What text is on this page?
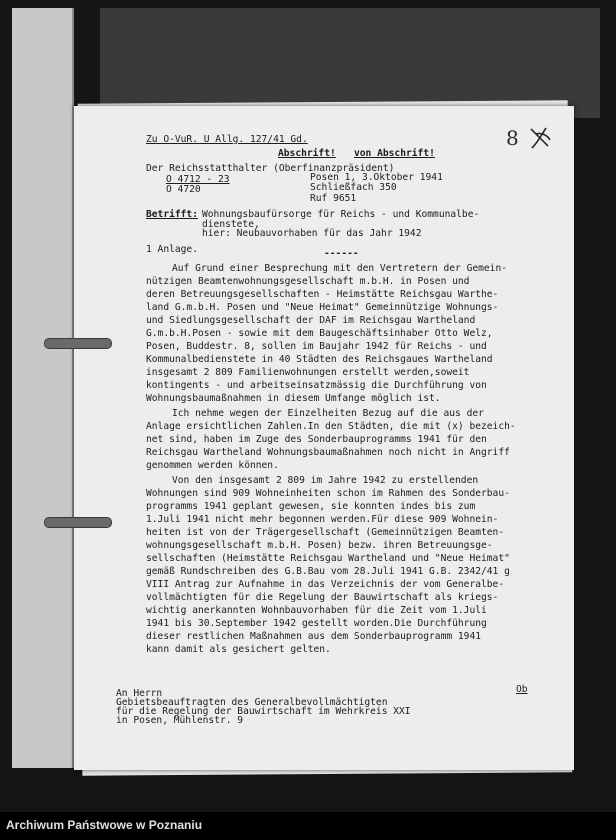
Zu O-VuR. U Allg. 127/41 Gd.
Abschrift! von Abschrift!
8
Der Reichsstatthalter (Oberfinanzpräsident)
O 4712 - 23
O 4720
Posen 1, 3.Oktober 1941
Schließfach 350
Ruf 9651
Betrifft: Wohnungsbaufürsorge für Reichs - und Kommunalbe-
dienstete,
hier: Neubauvorhaben für das Jahr 1942
1 Anlage.	------
Auf Grund einer Besprechung mit den Vertretern der Gemein-
nützigen Beamtenwohnungsgesellschaft m.b.H. in Posen und
deren Betreuungsgesellschaften - Heimstätte Reichsgau Warthe-
land G.m.b.H. Posen und "Neue Heimat" Gemeinnützige Wohnungs-
und Siedlungsgesellschaft der DAF im Reichsgau Wartheland
G.m.b.H.Posen - sowie mit dem Baugeschäftsinhaber Otto Welz,
Posen, Buddestr. 8, sollen im Baujahr 1942 für Reichs - und
Kommunalbedienstete in 40 Städten des Reichsgaues Wartheland
insgesamt 2 809 Familienwohnungen erstellt werden,soweit
kontingents - und arbeitseinsatzmässig die Durchführung von
Wohnungsbaumaßnahmen in diesem Umfange möglich ist.
Ich nehme wegen der Einzelheiten Bezug auf die aus der
Anlage ersichtlichen Zahlen.In den Städten, die mit (x) bezeich-
net sind, haben im Zuge des Sonderbauprogramms 1941 für den
Reichsgau Wartheland Wohnungsbaumaßnahmen noch nicht in Angriff
genommen werden können.
Von den insgesamt 2 809 im Jahre 1942 zu erstellenden
Wohnungen sind 909 Wohneinheiten schon im Rahmen des Sonderbau-
programms 1941 geplant gewesen, sie konnten indes bis zum
1.Juli 1941 nicht mehr begonnen werden.Für diese 909 Wohnein-
heiten ist von der Trägergesellschaft (Gemeinnützigen Beamten-
wohnungsgesellschaft m.b.H. Posen) bezw. ihren Betreuungsge-
sellschaften (Heimstätte Reichsgau Wartheland und "Neue Heimat"
gemäß Rundschreiben des G.B.Bau vom 28.Juli 1941 G.B. 2342/41 g
VIII Antrag zur Aufnahme in das Verzeichnis der vom Generalbe-
vollmächtigten für die Regelung der Bauwirtschaft als kriegs-
wichtig anerkannten Wohnbauvorhaben für die Zeit vom 1.Juli
1941 bis 30.September 1942 gestellt worden.Die Durchführung
dieser restlichen Maßnahmen aus dem Sonderbauprogramm 1941
kann damit als gesichert gelten.
Ob
An Herrn
Gebietsbeauftragten des Generalbevollmächtigten
für die Regelung der Bauwirtschaft im Wehrkreis XXI
in Posen, Mühlenstr. 9
Archiwum Państwowe w Poznaniu
